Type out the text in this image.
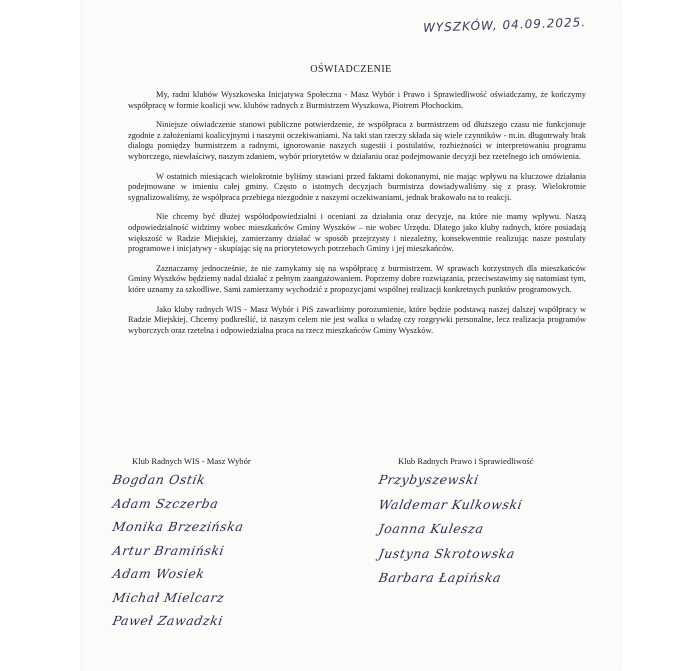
WYSZKÓW, 04.09.2025.
OŚWIADCZENIE

My, radni klubów Wyszkowska Inicjatywa Społeczna - Masz Wybór i Prawo i Sprawiedliwość oświadczamy, że kończymy współpracę w formie koalicji ww. klubów radnych z Burmistrzem Wyszkowa, Piotrem Płochockim.

Niniejsze oświadczenie stanowi publiczne potwierdzenie, że współpraca z burmistrzem od dłuższego czasu nie funkcjonuje zgodnie z założeniami koalicyjnymi i naszymi oczekiwaniami. Na taki stan rzeczy składa się wiele czynników - m.in. długotrwały brak dialogu pomiędzy burmistrzem a radnymi, ignorowanie naszych sugestii i postulatów, rozbieżności w interpretowaniu programu wyborczego, niewłaściwy, naszym zdaniem, wybór priorytetów w działaniu oraz podejmowanie decyzji bez rzetelnego ich omówienia.

W ostatnich miesiącach wielokrotnie byliśmy stawiani przed faktami dokonanymi, nie mając wpływu na kluczowe działania podejmowane w imieniu całej gminy. Często o istotnych decyzjach burmistrza dowiadywaliśmy się z prasy. Wielokrotnie sygnalizowaliśmy, że współpraca przebiega niezgodnie z naszymi oczekiwaniami, jednak brakowało na to reakcji.

Nie chcemy być dłużej współodpowiedzialni i oceniani za działania oraz decyzje, na które nie mamy wpływu. Naszą odpowiedzialność widzimy wobec mieszkańców Gminy Wyszków – nie wobec Urzędu. Dlatego jako kluby radnych, które posiadają większość w Radzie Miejskiej, zamierzamy działać w sposób przejrzysty i niezależny, konsekwentnie realizując nasze postulaty programowe i inicjatywy - skupiając się na priorytetowych potrzebach Gminy i jej mieszkańców.

Zaznaczamy jednocześnie, że nie zamykamy się na współpracę z burmistrzem. W sprawach korzystnych dla mieszkańców Gminy Wyszków będziemy nadal działać z pełnym zaangażowaniem. Poprzemy dobre rozwiązania, przeciwstawimy się natomiast tym, które uznamy za szkodliwe. Sami zamierzamy wychodzić z propozycjami wspólnej realizacji konkretnych punktów programowych.

Jako kluby radnych WIS - Masz Wybór i PiS zawarliśmy porozumienie, które będzie podstawą naszej dalszej współpracy w Radzie Miejskiej. Chcemy podkreślić, iż naszym celem nie jest walka o władzę czy rozgrywki personalne, lecz realizacja programów wyborczych oraz rzetelna i odpowiedzialna praca na rzecz mieszkańców Gminy Wyszków.

Klub Radnych WIS - Masz Wybór
Bogdan Ostik
Adam Szczerba
Monika Brzezińska
Artur Bramiński
Adam Wosiek
Michał Mielcarz
Paweł Zawadzki
Klub Radnych Prawo i Sprawiedliwość
Przybyszewski
Waldemar Kulkowski
Joanna Kulesza
Justyna Skrotowska
Barbara Łapińska
